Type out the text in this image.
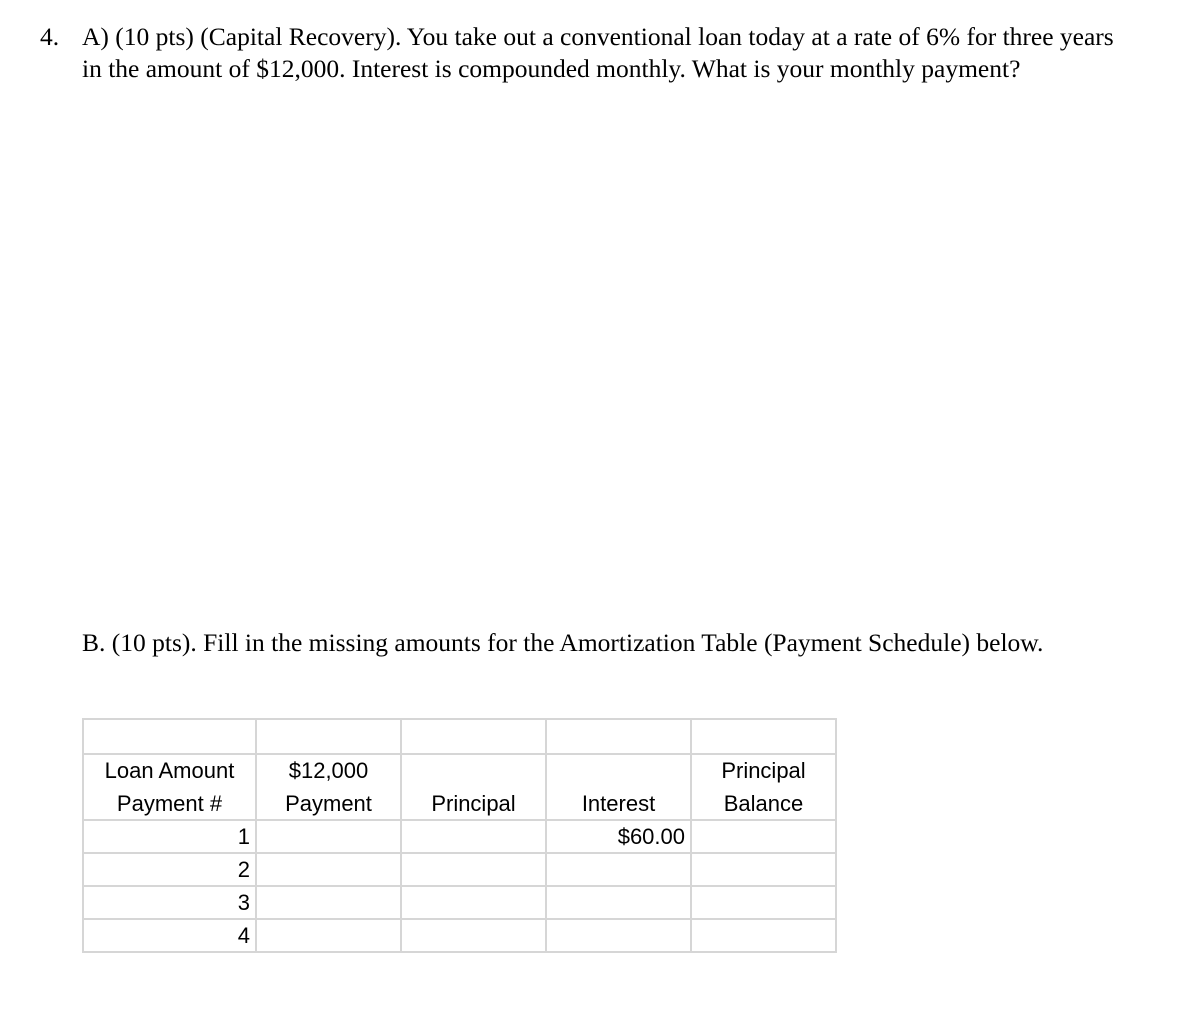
4. A) (10 pts) (Capital Recovery). You take out a conventional loan today at a rate of 6% for three years
in the amount of $12,000. Interest is compounded monthly. What is your monthly payment?
B. (10 pts). Fill in the missing amounts for the Amortization Table (Payment Schedule) below.

Loan Amount	$12,000			Principal
Payment #	Payment	Principal	Interest	Balance
1			$60.00	
2				
3				
4				
